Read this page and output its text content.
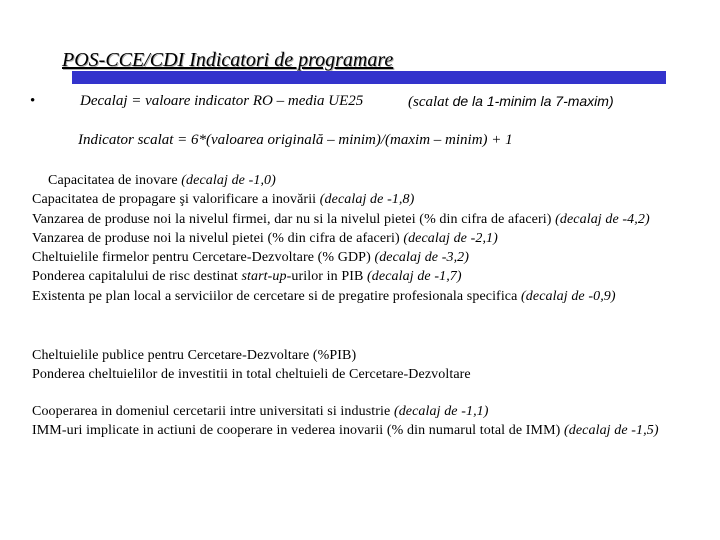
POS-CCE/CDI Indicatori de programare
•	Decalaj = valoare indicator RO – media UE25	(scalat de la 1-minim la 7-maxim)
Indicator scalat = 6*(valoarea originală – minim)/(maxim – minim) + 1
Capacitatea de inovare (decalaj de -1,0)
Capacitatea de propagare şi valorificare a inovării (decalaj de -1,8)
Vanzarea de produse noi la nivelul firmei, dar nu si la nivelul pietei (% din cifra de afaceri) (decalaj de -4,2)
Vanzarea de produse noi la nivelul pietei (% din cifra de afaceri) (decalaj de -2,1)
Cheltuielile firmelor pentru Cercetare-Dezvoltare (% GDP) (decalaj de -3,2)
Ponderea capitalului de risc destinat start-up-urilor in PIB (decalaj de -1,7)
Existenta pe plan local a serviciilor de cercetare si de pregatire profesionala specifica (decalaj de -0,9)
Cheltuielile publice pentru Cercetare-Dezvoltare (%PIB)
Ponderea cheltuielilor de investitii in total cheltuieli de Cercetare-Dezvoltare
Cooperarea in domeniul cercetarii intre universitati si industrie (decalaj de -1,1)
IMM-uri implicate in actiuni de cooperare in vederea inovarii (% din numarul total de IMM) (decalaj de -1,5)
